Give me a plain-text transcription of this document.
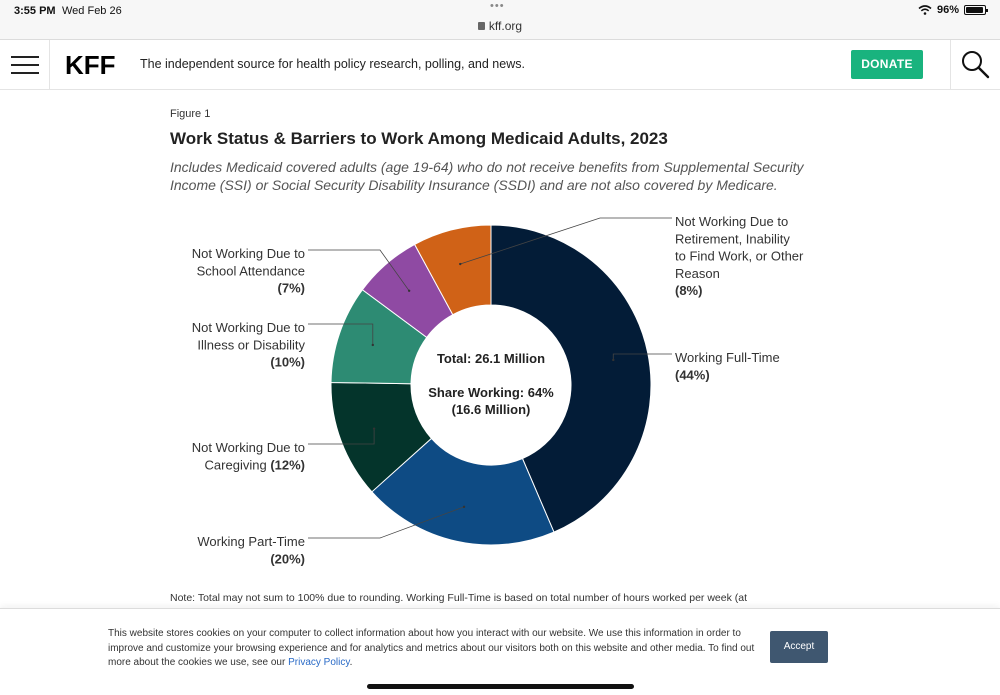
3:55 PM Wed Feb 26	•••
kff.org
96%
KFF The independent source for health policy research, polling, and news.	DONATE
Figure 1
Work Status & Barriers to Work Among Medicaid Adults, 2023
Includes Medicaid covered adults (age 19-64) who do not receive benefits from Supplemental Security Income (SSI) or Social Security Disability Insurance (SSDI) and are not also covered by Medicare.
Working Full-Time
(44%)
Working Part-Time
(20%)
Not Working Due to
Caregiving (12%)
Not Working Due to
Illness or Disability
(10%)
Not Working Due to
School Attendance
(7%)
Not Working Due to
Retirement, Inability
to Find Work, or Other
Reason
(8%)
Total: 26.1 Million
Share Working: 64%
(16.6 Million)
Note: Total may not sum to 100% due to rounding. Working Full-Time is based on total number of hours worked per week (at
This website stores cookies on your computer to collect information about how you interact with our website. We use this information in order to improve and customize your browsing experience and for analytics and metrics about our visitors both on this website and other media. To find out more about the cookies we use, see our Privacy Policy.
Accept
